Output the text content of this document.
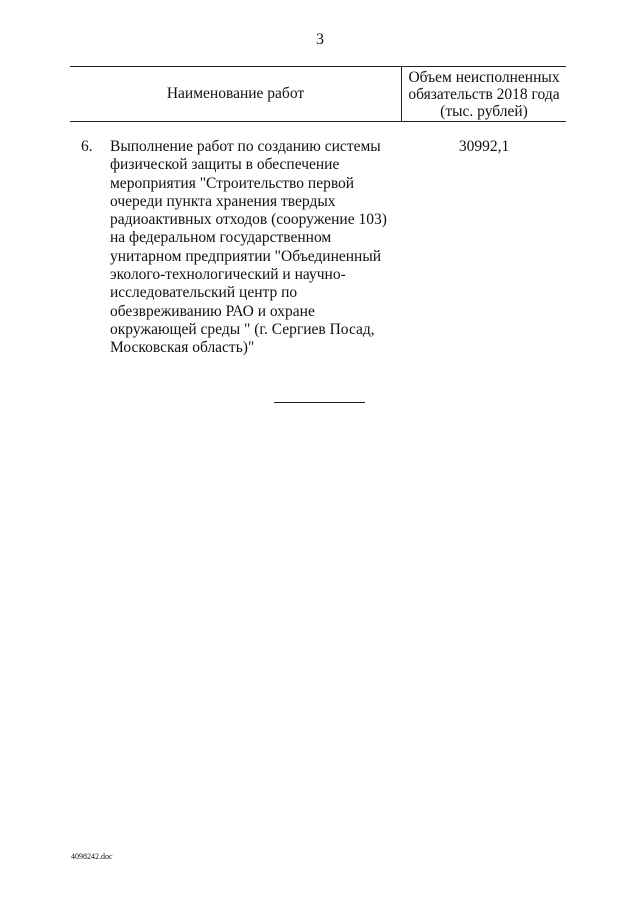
3
Наименование работ
Объем неисполненных
обязательств 2018 года
(тыс. рублей)
6. Выполнение работ по созданию системы
физической защиты в обеспечение
мероприятия "Строительство первой
очереди пункта хранения твердых
радиоактивных отходов (сооружение 103)
на федеральном государственном
унитарном предприятии "Объединенный
эколого-технологический и научно-
исследовательский центр по
обезвреживанию РАО и охране
окружающей среды " (г. Сергиев Посад,
Московская область)"
30992,1
4098242.doc
